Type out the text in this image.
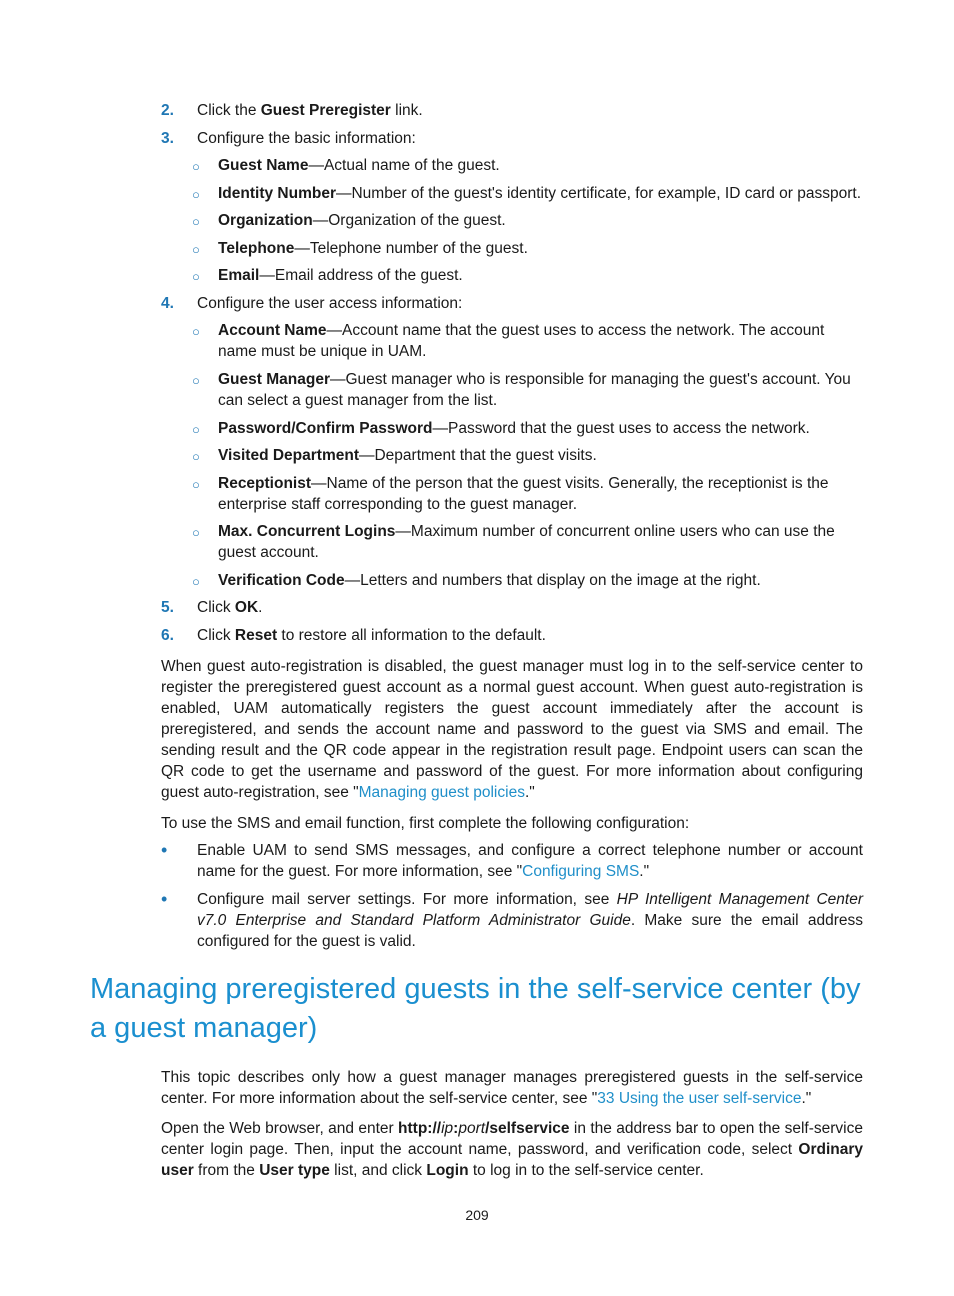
2. Click the Guest Preregister link.
3. Configure the basic information:
○ Guest Name—Actual name of the guest.
○ Identity Number—Number of the guest's identity certificate, for example, ID card or passport.
○ Organization—Organization of the guest.
○ Telephone—Telephone number of the guest.
○ Email—Email address of the guest.
4. Configure the user access information:
○ Account Name—Account name that the guest uses to access the network. The account name must be unique in UAM.
○ Guest Manager—Guest manager who is responsible for managing the guest's account. You can select a guest manager from the list.
○ Password/Confirm Password—Password that the guest uses to access the network.
○ Visited Department—Department that the guest visits.
○ Receptionist—Name of the person that the guest visits. Generally, the receptionist is the enterprise staff corresponding to the guest manager.
○ Max. Concurrent Logins—Maximum number of concurrent online users who can use the guest account.
○ Verification Code—Letters and numbers that display on the image at the right.
5. Click OK.
6. Click Reset to restore all information to the default.
When guest auto-registration is disabled, the guest manager must log in to the self-service center to register the preregistered guest account as a normal guest account. When guest auto-registration is enabled, UAM automatically registers the guest account immediately after the account is preregistered, and sends the account name and password to the guest via SMS and email. The sending result and the QR code appear in the registration result page. Endpoint users can scan the QR code to get the username and password of the guest. For more information about configuring guest auto-registration, see "Managing guest policies."
To use the SMS and email function, first complete the following configuration:
• Enable UAM to send SMS messages, and configure a correct telephone number or account name for the guest. For more information, see "Configuring SMS."
• Configure mail server settings. For more information, see HP Intelligent Management Center v7.0 Enterprise and Standard Platform Administrator Guide. Make sure the email address configured for the guest is valid.
Managing preregistered guests in the self-service center (by a guest manager)
This topic describes only how a guest manager manages preregistered guests in the self-service center. For more information about the self-service center, see "33 Using the user self-service."
Open the Web browser, and enter http://ip:port/selfservice in the address bar to open the self-service center login page. Then, input the account name, password, and verification code, select Ordinary user from the User type list, and click Login to log in to the self-service center.
209
